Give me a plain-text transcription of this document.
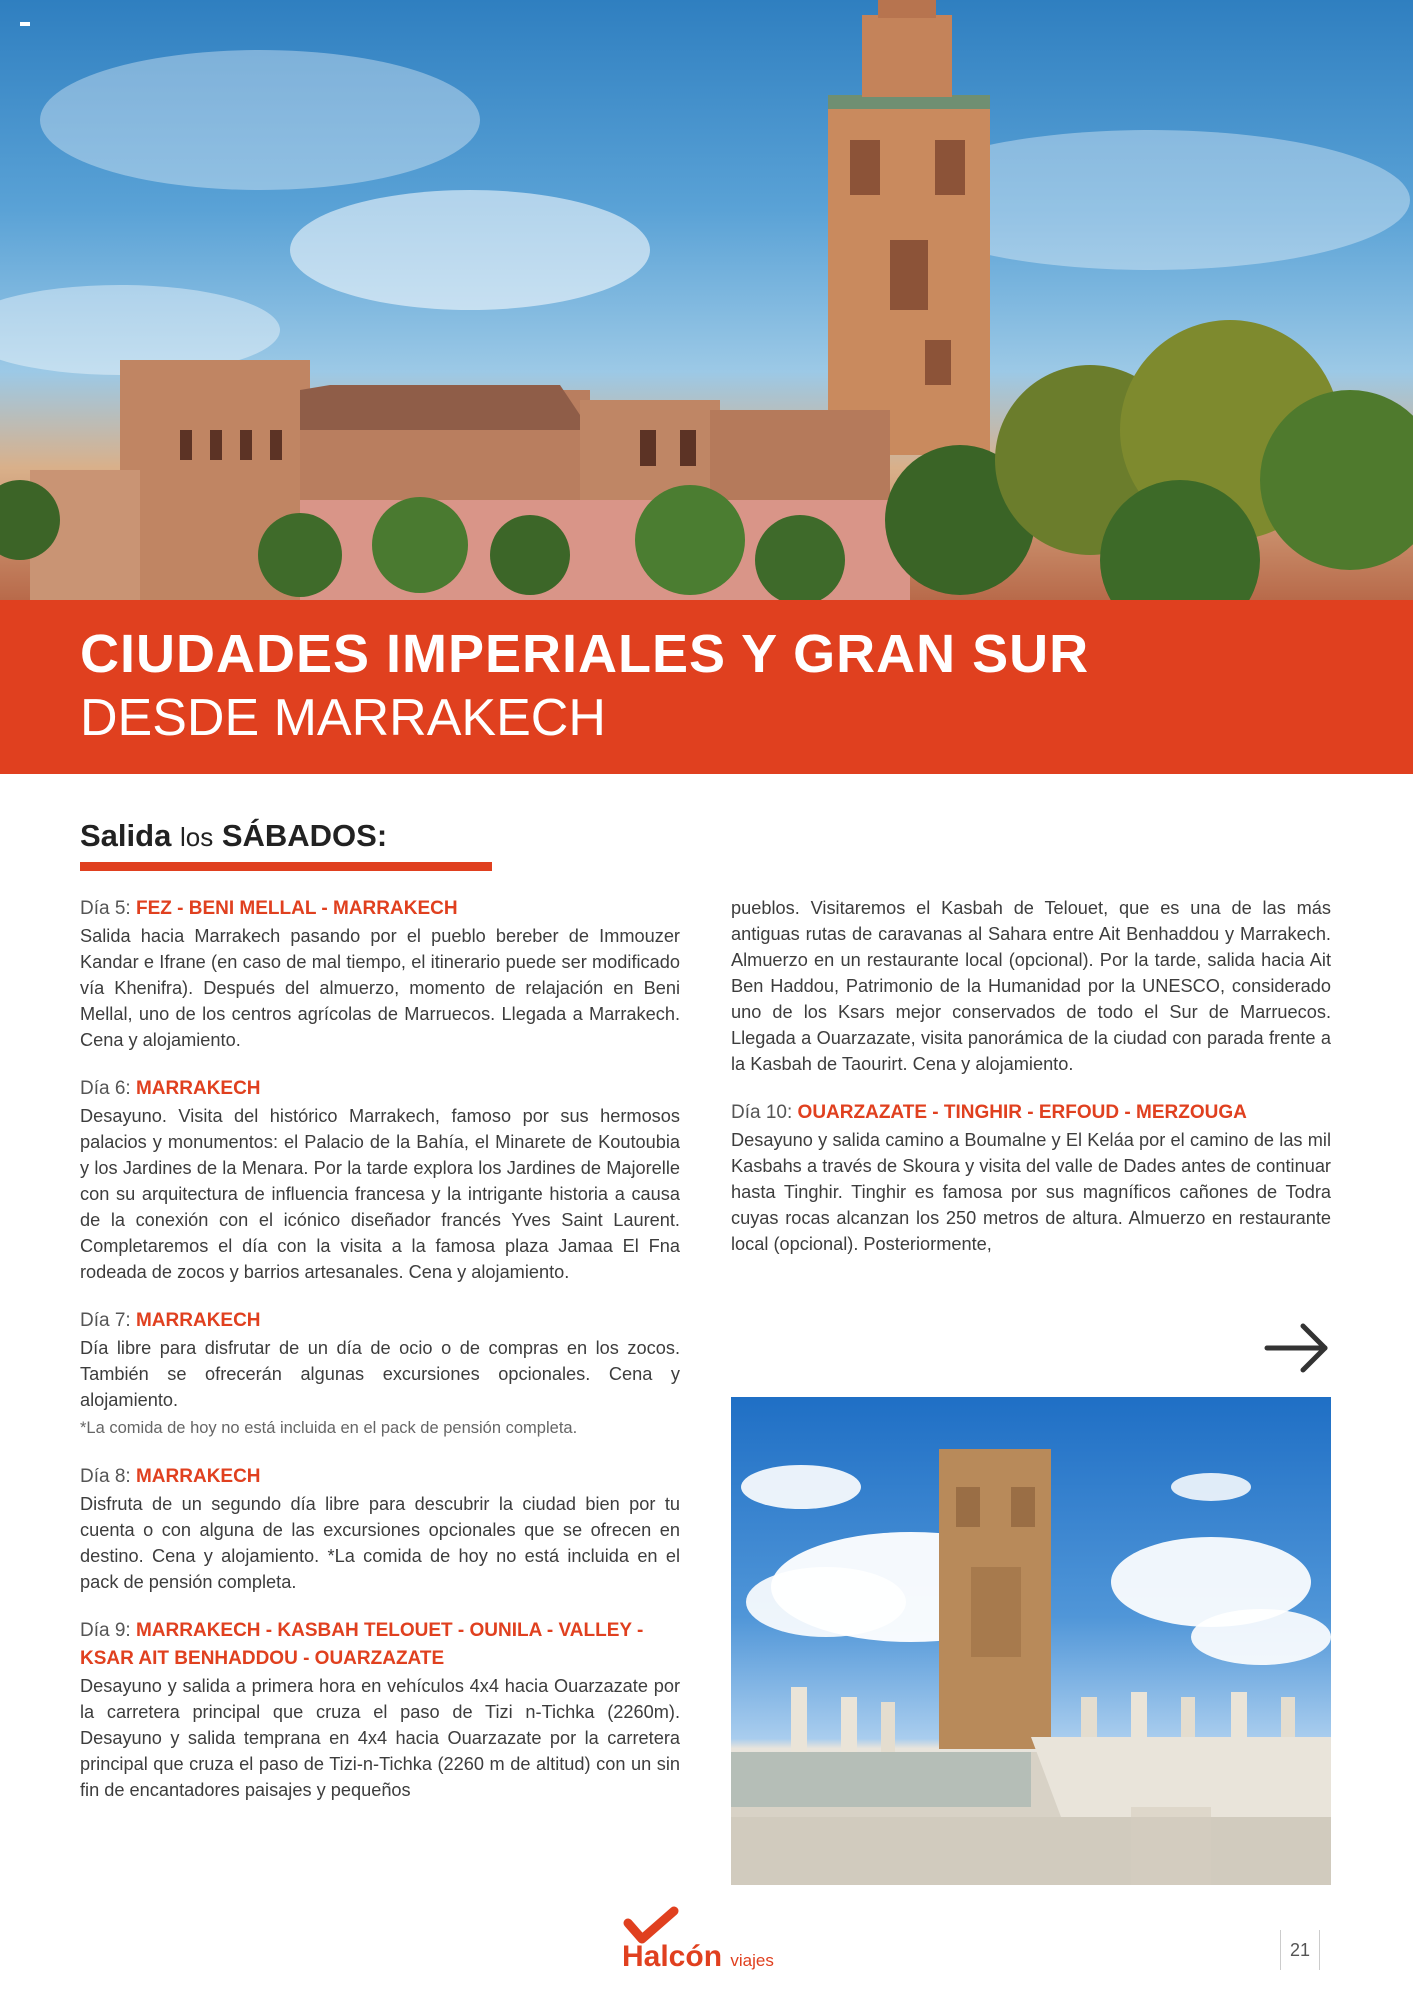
CIUDADES IMPERIALES Y GRAN SUR
DESDE MARRAKECH
Salida los SÁBADOS:
Día 5: FEZ - BENI MELLAL - MARRAKECH

Salida hacia Marrakech pasando por el pueblo bereber de Immouzer Kandar e Ifrane (en caso de mal tiempo, el itinerario puede ser modificado vía Khenifra). Después del almuerzo, momento de relajación en Beni Mellal, uno de los centros agrícolas de Marruecos. Llegada a Marrakech. Cena y alojamiento.

Día 6: MARRAKECH

Desayuno. Visita del histórico Marrakech, famoso por sus hermosos palacios y monumentos: el Palacio de la Bahía, el Minarete de Koutoubia y los Jardines de la Menara. Por la tarde explora los Jardines de Majorelle con su arquitectura de influencia francesa y la intrigante historia a causa de la conexión con el icónico diseñador francés Yves Saint Laurent. Completaremos el día con la visita a la famosa plaza Jamaa El Fna rodeada de zocos y barrios artesanales. Cena y alojamiento.

Día 7: MARRAKECH

Día libre para disfrutar de un día de ocio o de compras en los zocos. También se ofrecerán algunas excursiones opcionales. Cena y alojamiento.

*La comida de hoy no está incluida en el pack de pensión completa.

Día 8: MARRAKECH

Disfruta de un segundo día libre para descubrir la ciudad bien por tu cuenta o con alguna de las excursiones opcionales que se ofrecen en destino. Cena y alojamiento. *La comida de hoy no está incluida en el pack de pensión completa.

Día 9: MARRAKECH - KASBAH TELOUET - OUNILA - VALLEY - KSAR AIT BENHADDOU - OUARZAZATE

Desayuno y salida a primera hora en vehículos 4x4 hacia Ouarzazate por la carretera principal que cruza el paso de Tizi n-Tichka (2260m). Desayuno y salida temprana en 4x4 hacia Ouarzazate por la carretera principal que cruza el paso de Tizi-n-Tichka (2260 m de altitud) con un sin fin de encantadores paisajes y pequeños

pueblos. Visitaremos el Kasbah de Telouet, que es una de las más antiguas rutas de caravanas al Sahara entre Ait Benhaddou y Marrakech. Almuerzo en un restaurante local (opcional). Por la tarde, salida hacia Ait Ben Haddou, Patrimonio de la Humanidad por la UNESCO, considerado uno de los Ksars mejor conservados de todo el Sur de Marruecos. Llegada a Ouarzazate, visita panorámica de la ciudad con parada frente a la Kasbah de Taourirt. Cena y alojamiento.

Día 10: OUARZAZATE - TINGHIR - ERFOUD - MERZOUGA

Desayuno y salida camino a Boumalne y El Keláa por el camino de las mil Kasbahs a través de Skoura y visita del valle de Dades antes de continuar hasta Tinghir. Tinghir es famosa por sus magníficos cañones de Todra cuyas rocas alcanzan los 250 metros de altura. Almuerzo en restaurante local (opcional). Posteriormente,

Halcón viajes
21
